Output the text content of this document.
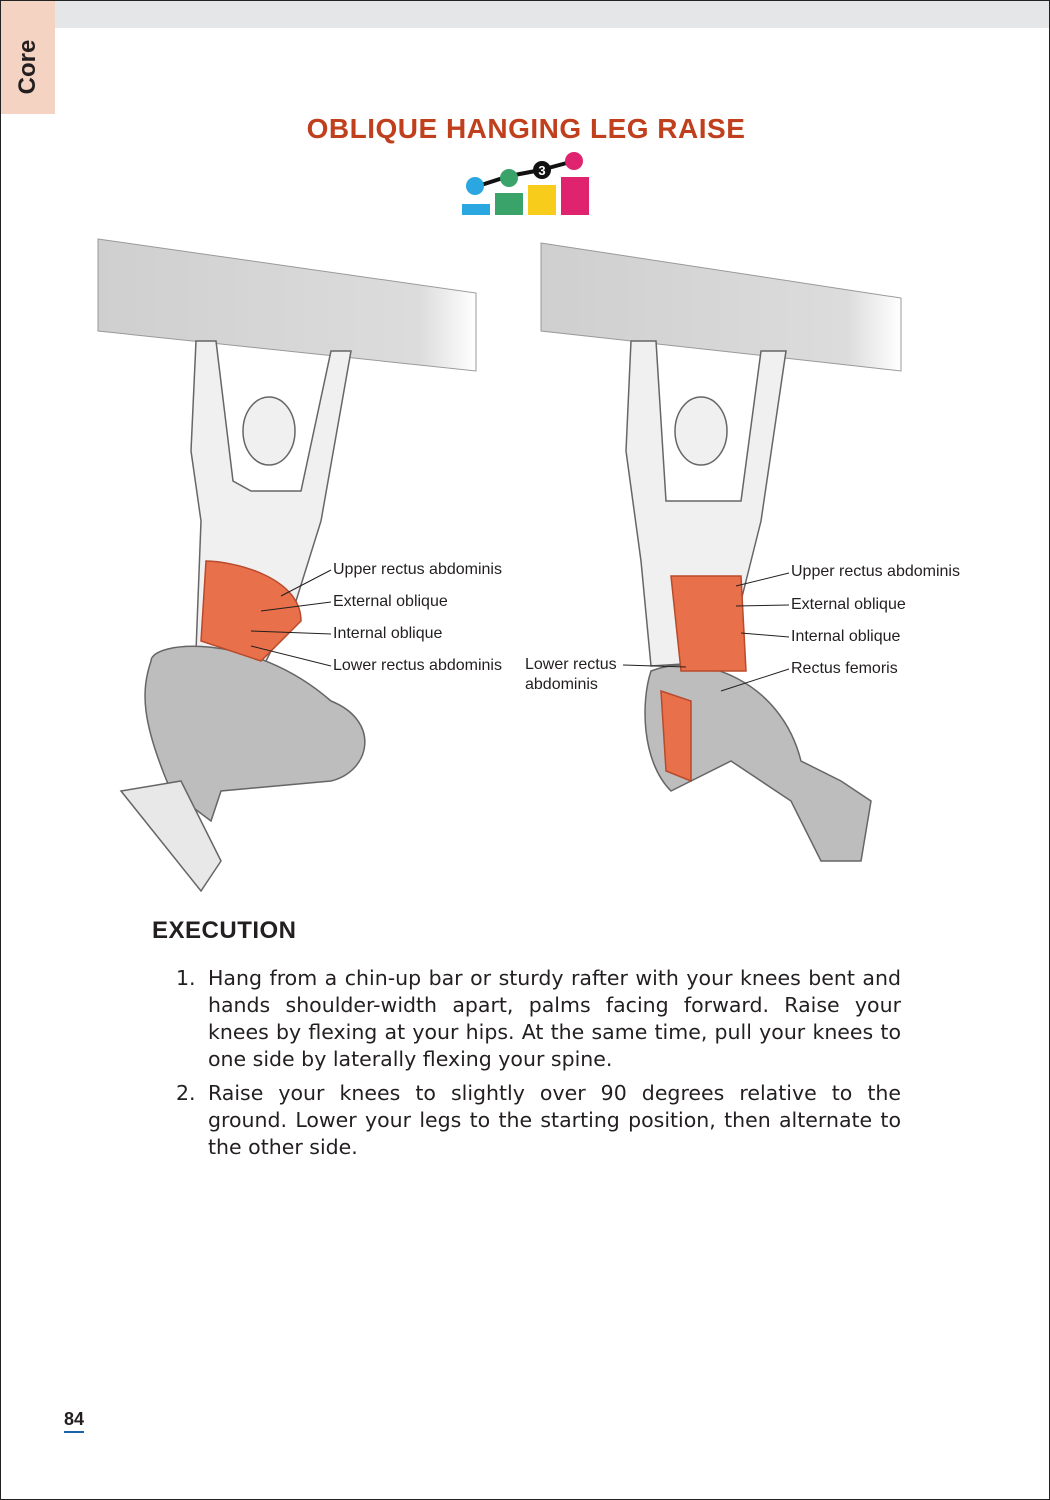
Core
OBLIQUE HANGING LEG RAISE
3
Upper rectus abdominis
External oblique
Internal oblique
Lower rectus abdominis Lower rectus
abdominis
Upper rectus abdominis
External oblique
Internal oblique
Rectus femoris
EXECUTION
1. Hang from a chin-up bar or sturdy rafter with your knees bent and hands shoulder-width apart, palms facing forward. Raise your knees by flexing at your hips. At the same time, pull your knees to one side by laterally flexing your spine.
2. Raise your knees to slightly over 90 degrees relative to the ground. Lower your legs to the starting position, then alternate to the other side.
84
